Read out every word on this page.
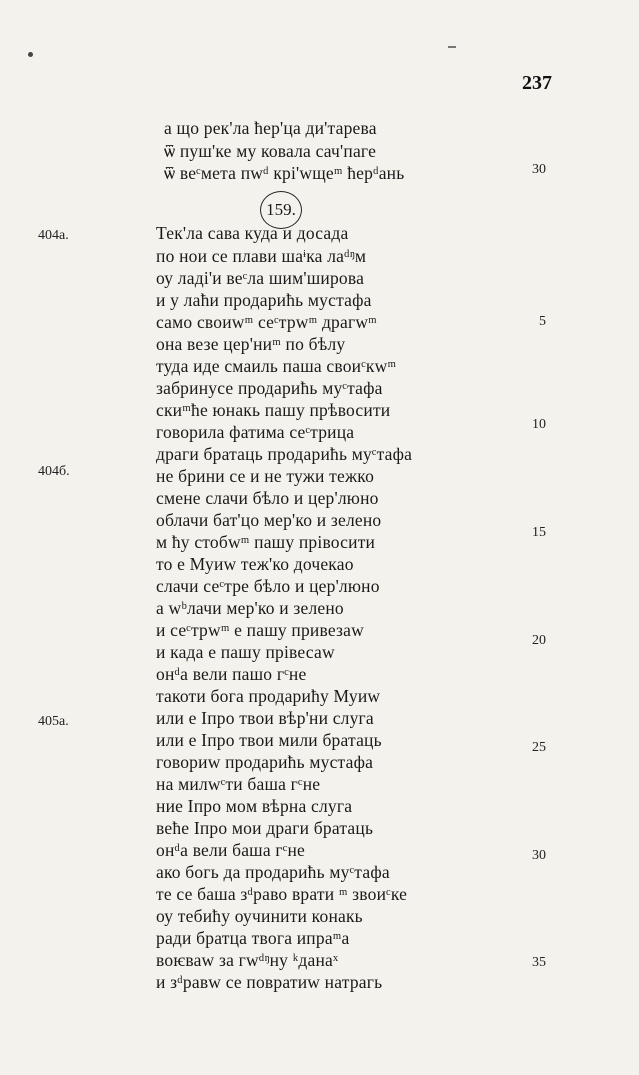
237
159.
а що рек'ла ћер'ца ди'тарева
ѿ пуш'ке му ковала сач'паге
ѿ веᶜмета пwᵈ крі'wщеᵐ ћерᵈань
Тек'ла сава куда и досада
по нои се плави шаᶤка лаᵈᵑᴍ
оу ладі'и веᶜла шим'широва
и у лаћи продарићь мустафа
само своиwᵐ сеᶜтрwᵐ драгwᵐ
она везе цер'ниᵐ по бѣлу
туда иде смаиль паша своиᶜкwᵐ
забринусе продарићь муᶜтафа
скиᵐће юнакь пашу прѣвосити
говорила фатима сеᶜтрица
драги братаць продарићь муᶜтафа
не брини се и не тужи тежко
смене слачи бѣло и цер'люно
облачи бат'цо мер'ко и зелено
ᴍ ћу стобwᵐ пашу прівосити
то е Муиw теж'ко дочекао
слачи сеᶜтре бѣло и цер'люно
а wᵇлачи мер'ко и зелено
и сеᶜтрwᵐ е пашу привезаw
и када е пашу прівесаw
онᵈа вели пашо гᶜне
такоти бога продарићу Муиw
или е Іпро твои вѣр'ни слуга
или е Іпро твои мили братаць
говориw продарићь мустафа
на милwᶜти баша гᶜне
ние Іпро моᴍ вѣрна слуга
веће Іпро мои драги братаць
онᵈа вели баша гᶜне
ако богь да продарићь муᶜтафа
те се баша зᵈраво врати ᵐ звоиᶜке
оу тебићу оучинити конакь
ради братца твога ипраᵐа
воѥваw за гwᵈᵑну ᵏданаˣ
и зᵈравw се повратиw натрагь
30
5
10
15
20
25
30
35
404a.
404б.
405a.
